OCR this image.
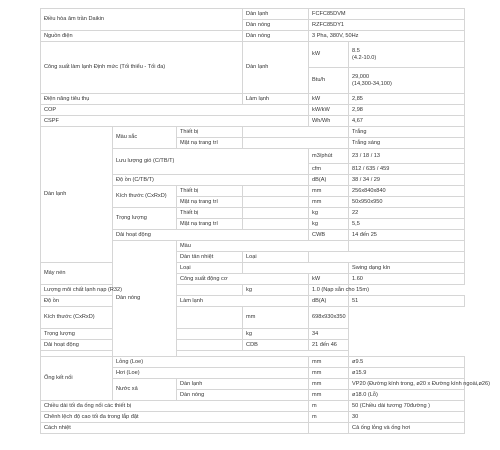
Điều hòa âm trần Daikin			Dàn lạnh	FCFC85DVM		
			Dàn nóng	RZFC85DY1		
Nguồn điện			Dàn nóng	3 Pha, 380V, 50Hz		
Công suất làm lạnh Định mức (Tối thiểu - Tối đa)			Dàn lạnh	kW	8.5
(4.2-10.0)	
				Btu/h	29,000
(14,300-34,100)	
Điện năng tiêu thụ			Làm lạnh	kW	2,85	
COP				kW/kW	2,98	
CSPF				Wh/Wh	4,67	
Dàn lạnh	Màu sắc	Thiết bị			Trắng	
		Mặt nạ trang trí			Trắng sáng	
	Lưu lượng gió (C/TB/T)			m3/phút	23 / 18 / 13	
				cfm	812 / 635 / 459	
	Độ ồn (C/TB/T)			dB(A)	38 / 34 / 29	
	Kích thước (CxRxD)	Thiết bị		mm	256x840x840	
		Mặt nạ trang trí		mm	50x950x950	
	Trọng lượng	Thiết bị		kg	22	
		Mặt nạ trang trí		kg	5,5	
	Dải hoạt động			CWB	14 đến 25	
	Dàn nóng	Màu		
		Dàn tản nhiệt	Loại		
Máy nén		Loại			Swing dạng kín	
		Công suất động cơ		kW	1.60	
Lượng môi chất lạnh nạp (R32)			kg	1.0 (Nạp sẵn cho 15m)		
Độ ồn		Làm lạnh		dB(A)	51	
Kích thước (CxRxD)			mm	698x930x350		

Trọng lượng			kg	34		
Dải hoạt động			CDB	21 đến 46		

Ống kết nối	Lỏng (Loe)			mm	ø9.5	
	Hơi (Loe)			mm	ø15.9	
	Nước xả	Dàn lạnh		mm	VP20 (Đường kính trong, ø20 x Đường kính ngoài,ø26)	
		Dàn nóng		mm	ø18.0 (Lỗ)	
Chiều dài tối đa ống nối các thiết bị				m	50 (Chiều dài tương 70đường )	
Chênh lệch độ cao tối đa trong lắp đặt				m	30	
Cách nhiệt					Cả ống lỏng và ống hơi	
